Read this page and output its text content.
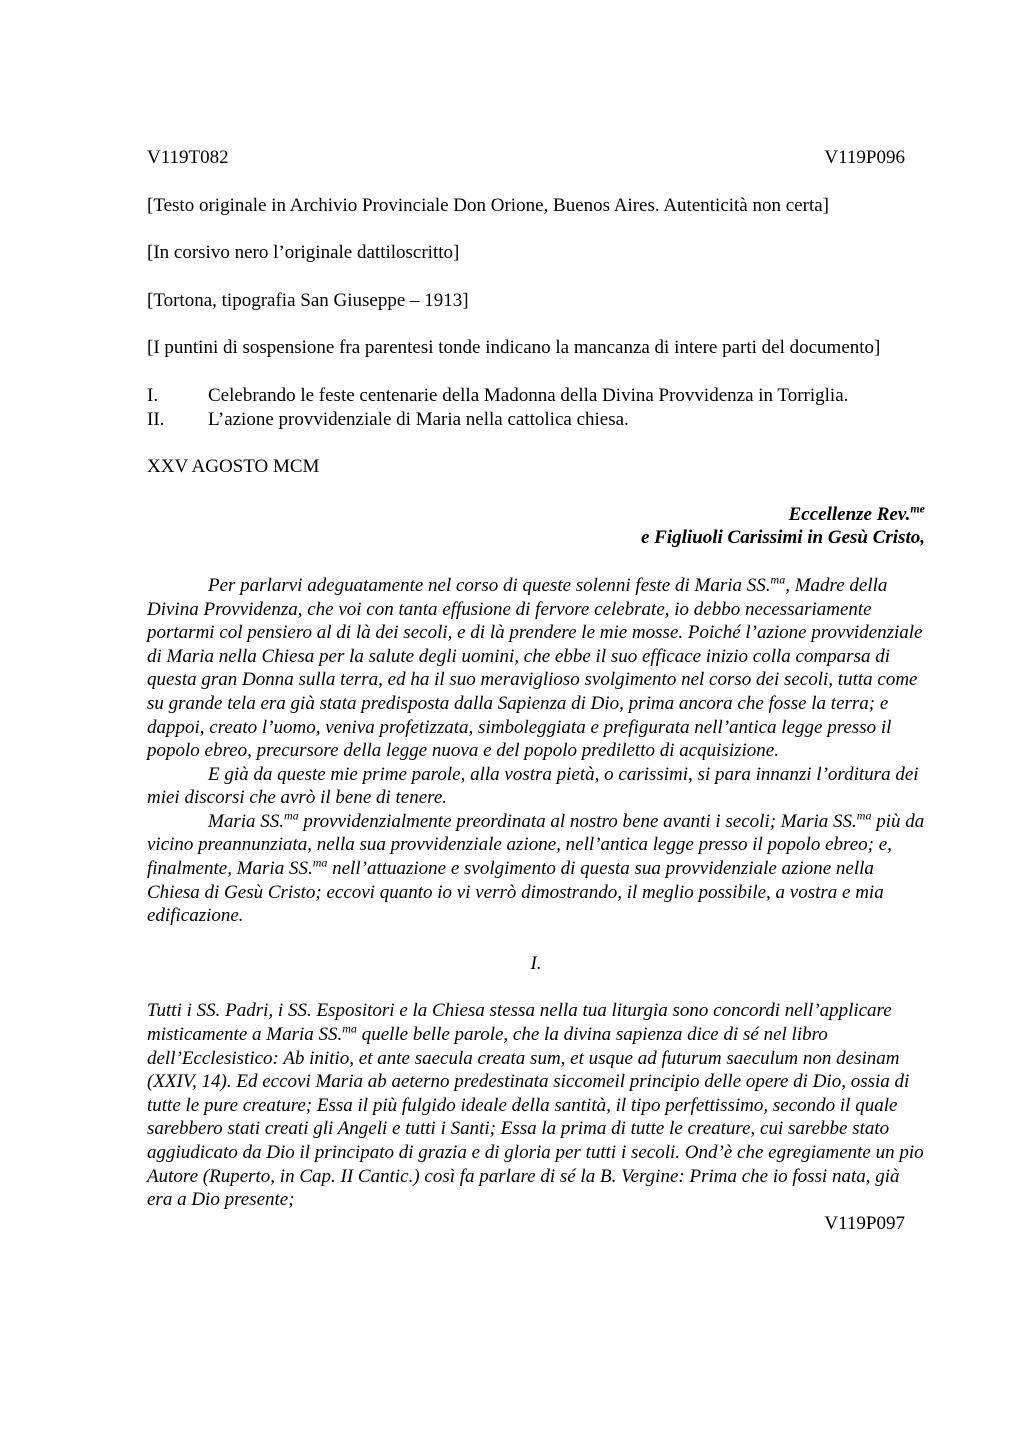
V119T082	V119P096

[Testo originale in Archivio Provinciale Don Orione, Buenos Aires. Autenticità non certa]

[In corsivo nero l’originale dattiloscritto]

[Tortona, tipografia San Giuseppe – 1913]

[I puntini di sospensione fra parentesi tonde indicano la mancanza di intere parti del documento]

I.	Celebrando le feste centenarie della Madonna della Divina Provvidenza in Torriglia.
II.	L’azione provvidenziale di Maria nella cattolica chiesa.

XXV AGOSTO MCM

Eccellenze Rev.$^{me}$
e Figliuoli Carissimi in Gesù Cristo,

Per parlarvi adeguatamente nel corso di queste solenni feste di Maria SS.$^{ma}$, Madre della Divina Provvidenza, che voi con tanta effusione di fervore celebrate, io debbo necessariamente portarmi col pensiero al di là dei secoli, e di là prendere le mie mosse. Poiché l’azione provvidenziale di Maria nella Chiesa per la salute degli uomini, che ebbe il suo efficace inizio colla comparsa di questa gran Donna sulla terra, ed ha il suo meraviglioso svolgimento nel corso dei secoli, tutta come su grande tela era già stata predisposta dalla Sapienza di Dio, prima ancora che fosse la terra; e dappoi, creato l’uomo, veniva profetizzata, simboleggiata e prefigurata nell’antica legge presso il popolo ebreo, precursore della legge nuova e del popolo prediletto di acquisizione.

E già da queste mie prime parole, alla vostra pietà, o carissimi, si para innanzi l’orditura dei miei discorsi che avrò il bene di tenere.

Maria SS.$^{ma}$ provvidenzialmente preordinata al nostro bene avanti i secoli; Maria SS.$^{ma}$ più da vicino preannunziata, nella sua provvidenziale azione, nell’antica legge presso il popolo ebreo; e, finalmente, Maria SS.$^{ma}$ nell’attuazione e svolgimento di questa sua provvidenziale azione nella Chiesa di Gesù Cristo; eccovi quanto io vi verrò dimostrando, il meglio possibile, a vostra e mia edificazione.

I.

Tutti i SS. Padri, i SS. Espositori e la Chiesa stessa nella tua liturgia sono concordi nell’applicare misticamente a Maria SS.$^{ma}$ quelle belle parole, che la divina sapienza dice di sé nel libro dell’Ecclesistico: Ab initio, et ante saecula creata sum, et usque ad futurum saeculum non desinam (XXIV, 14). Ed eccovi Maria ab aeterno predestinata siccomeil principio delle opere di Dio, ossia di tutte le pure creature; Essa il più fulgido ideale della santità, il tipo perfettissimo, secondo il quale sarebbero stati creati gli Angeli e tutti i Santi; Essa la prima di tutte le creature, cui sarebbe stato aggiudicato da Dio il principato di grazia e di gloria per tutti i secoli. Ond’è che egregiamente un pio Autore (Ruperto, in Cap. II Cantic.) così fa parlare di sé la B. Vergine: Prima che io fossi nata, già era a Dio presente;

V119P097
